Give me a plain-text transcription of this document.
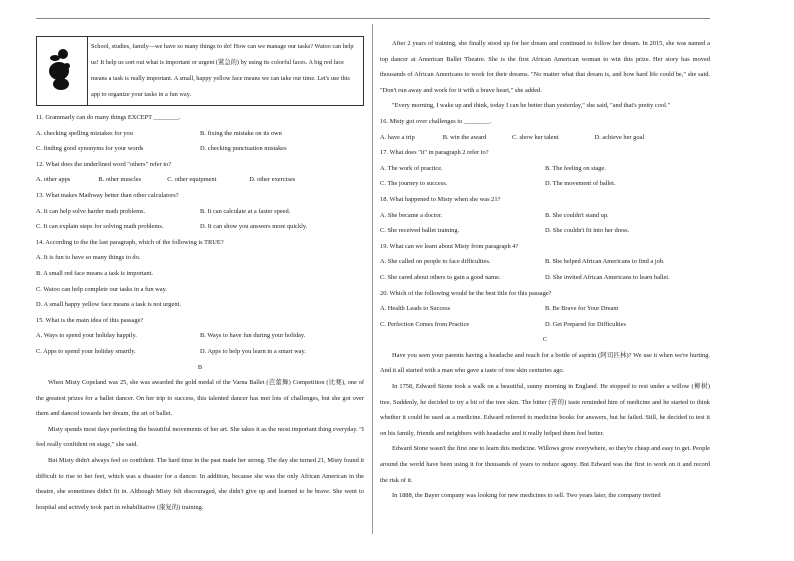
School, studies, family—we have so many things to do! How can we manage our tasks? Watoo can help us! It help us sort out what is important or urgent (紧急的) by using its colorful faces. A big red face means a task is really important. A small, happy yellow face means we can take our time. Let's use this app to organize your tasks in a fun way.

11. Grammarly can do many things EXCEPT ________.

A. checking spelling mistakes for you	B. fixing the mistake on its own
C. finding good synonyms for your words	D. checking punctuation mistakes

12. What does the underlined word "others" refer to?

A. other apps	B. other muscles	C. other equipment	D. other exercises

13. What makes Mathway better than other calculators?

A. It can help solve harder math problems.	B. It can calculate at a faster speed.
C. It can explain steps for solving math problems.	D. It can show you answers more quickly.

14. According to the the last paragraph, which of the following is TRUE?

A. It is fun to have so many things to do.

B. A small red face means a task is important.

C. Watoo can help complete our tasks in a fun way.

D. A small happy yellow face means a task is not urgent.

15. What is the main idea of this passage?

A. Ways to spend your holiday happily.	B. Ways to have fun during your holiday.
C. Apps to spend your holiday smartly.	D. Apps to help you learn in a smart way.

B

When Misty Copeland was 25, she was awarded the gold medal of the Varna Ballet (芭蕾舞) Competition (比赛), one of the greatest prizes for a ballet dancer. On her trip to success, this talented dancer has met lots of challenges, but she got over them and danced towards her dream, the art of ballet.

Misty spends most days perfecting the beautiful movements of her art. She takes it as the most important thing everyday. "I feel really confident on stage," she said.

But Misty didn't always feel so confident. The hard time in the past made her strong. The day she turned 21, Misty found it difficult to rise to her feet, which was a disaster for a dancer. In addition, because she was the only African American in the theatre, she sometimes didn't fit in. Although Misty felt discouraged, she didn't give up and learned to be brave. She went to hospital and actively took part in rehabilitative (康复的) training.

After 2 years of training, she finally stood up for her dream and continued to follow her dream. In 2015, she was named a top dancer at American Ballet Theatre. She is the first African American woman to win this prize. Her story has moved thousands of African Americans to work for their dreams. "No matter what that dream is, and how hard life could be," she said. "Don't run away and work for it with a brave heart," she added.

"Every morning, I wake up and think, today I can be better than yesterday," she said, "and that's pretty cool."

16. Misty got over challenges to ________.

A. have a trip	B. win the award	C. show her talent	D. achieve her goal

17. What does "it" in paragraph 2 refer to?

A. The work of practice.	B. The feeling on stage.
C. The journey to success.	D. The movement of ballet.

18. What happened to Misty when she was 21?

A. She became a doctor.	B. She couldn't stand up.
C. She received ballet training.	D. She couldn't fit into her dress.

19. What can we learn about Misty from paragraph 4?

A. She called on people to face difficulties.	B. She helped African Americans to find a job.
C. She cared about others to gain a good name.	D. She invited African Americans to learn ballet.

20. Which of the following would be the best title for this passage?

A. Health Leads to Success	B. Be Brave for Your Dream
C. Perfection Comes from Practice	D. Get Prepared for Difficulties

C

Have you seen your parents having a headache and reach for a bottle of aspirin (阿司匹林)? We use it when we're hurting. And it all started with a man who gave a taste of tree skin centuries ago.

In 1758, Edward Stone took a walk on a beautiful, sunny morning in England. He stopped to rest under a willow (柳树) tree. Suddenly, he decided to try a bit of the tree skin. The bitter (苦的) taste reminded him of medicine and he started to think whether it could be used as a medicine. Edward referred to medicine books for answers, but he failed. Still, he decided to test it on his family, friends and neighbors with headache and it really helped them feel better.

Edward Stone wasn't the first one to learn this medicine. Willows grow everywhere, so they're cheap and easy to get. People around the world have been using it for thousands of years to reduce agony. But Edward was the first to work on it and record the risk of it.

In 1888, the Bayer company was looking for new medicines to sell. Two years later, the company invited
